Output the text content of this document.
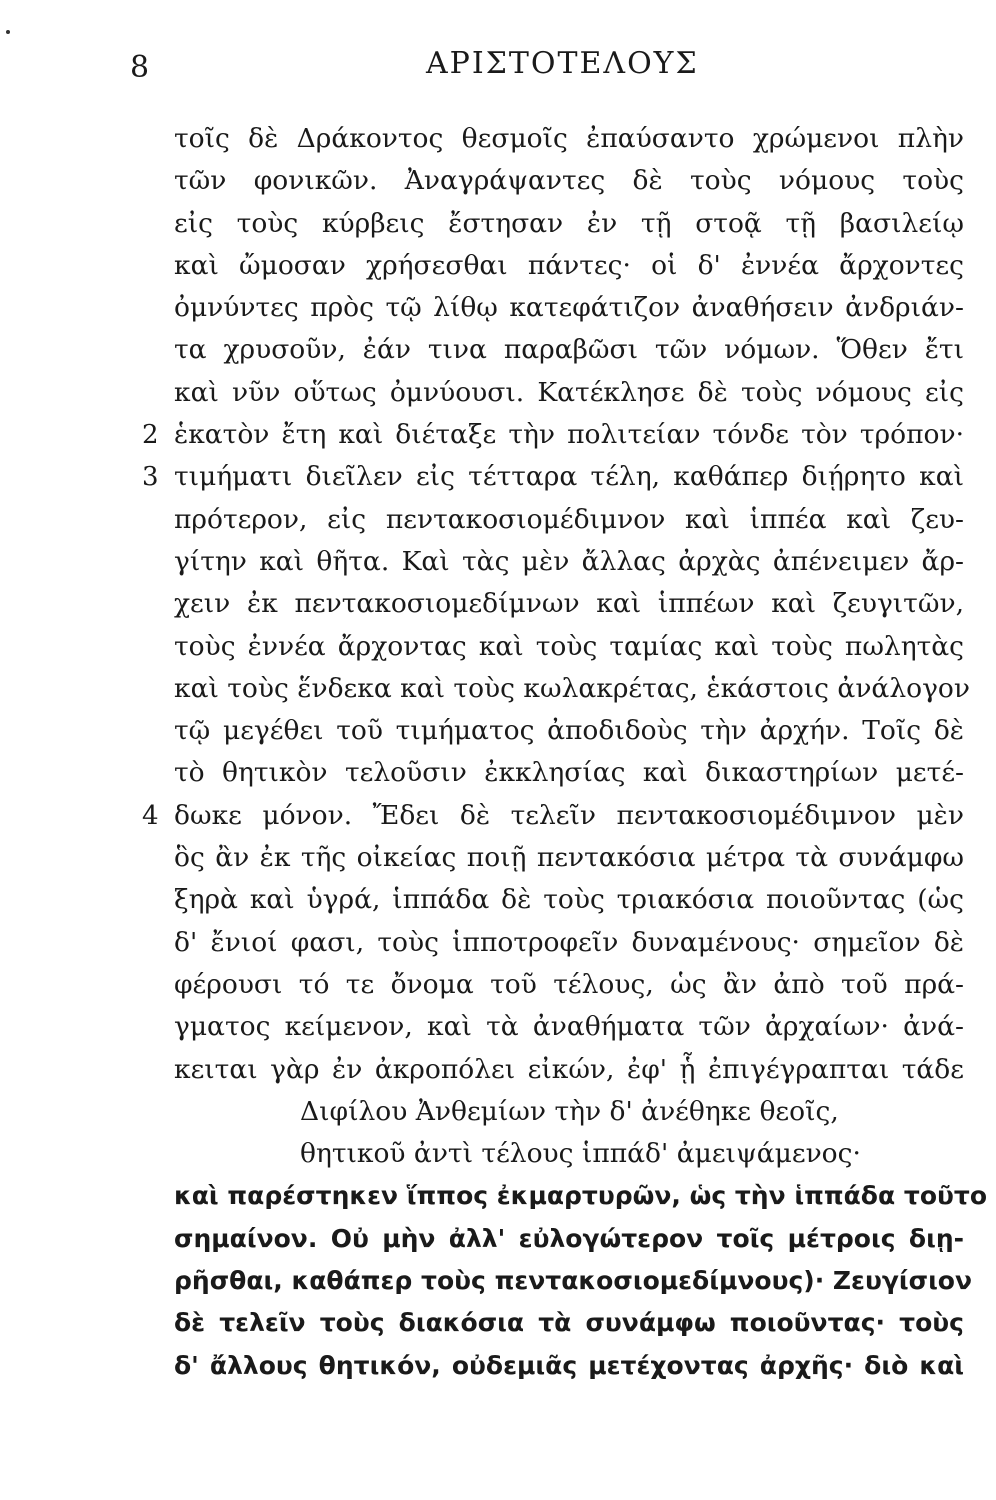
8	ΑΡΙΣΤΟΤΕΛΟΥΣ
τοῖς δὲ Δράκοντος θεσμοῖς ἐπαύσαντο χρώμενοι πλὴν
τῶν φονικῶν. Ἀναγράψαντες δὲ τοὺς νόμους τοὺς
εἰς τοὺς κύρβεις ἔστησαν ἐν τῇ στοᾷ τῇ βασιλείῳ
καὶ ὤμοσαν χρήσεσθαι πάντες· οἱ δ' ἐννέα ἄρχοντες
ὀμνύντες πρὸς τῷ λίθῳ κατεφάτιζον ἀναθήσειν ἀνδριάν-
τα χρυσοῦν, ἐάν τινα παραβῶσι τῶν νόμων. Ὅθεν ἔτι
καὶ νῦν οὕτως ὀμνύουσι. Κατέκλησε δὲ τοὺς νόμους εἰς
2 ἑκατὸν ἔτη καὶ διέταξε τὴν πολιτείαν τόνδε τὸν τρόπον·
3 τιμήματι διεῖλεν εἰς τέτταρα τέλη, καθάπερ διῄρητο καὶ
πρότερον, εἰς πεντακοσιομέδιμνον καὶ ἱππέα καὶ ζευ-
γίτην καὶ θῆτα. Καὶ τὰς μὲν ἄλλας ἀρχὰς ἀπένειμεν ἄρ-
χειν ἐκ πεντακοσιομεδίμνων καὶ ἱππέων καὶ ζευγιτῶν,
τοὺς ἐννέα ἄρχοντας καὶ τοὺς ταμίας καὶ τοὺς πωλητὰς
καὶ τοὺς ἕνδεκα καὶ τοὺς κωλακρέτας, ἑκάστοις ἀνάλογον
τῷ μεγέθει τοῦ τιμήματος ἀποδιδοὺς τὴν ἀρχήν. Τοῖς δὲ
τὸ θητικὸν τελοῦσιν ἐκκλησίας καὶ δικαστηρίων μετέ-
4 δωκε μόνον. Ἔδει δὲ τελεῖν πεντακοσιομέδιμνον μὲν
ὃς ἂν ἐκ τῆς οἰκείας ποιῇ πεντακόσια μέτρα τὰ συνάμφω
ξηρὰ καὶ ὑγρά, ἱππάδα δὲ τοὺς τριακόσια ποιοῦντας (ὡς
δ' ἔνιοί φασι, τοὺς ἱπποτροφεῖν δυναμένους· σημεῖον δὲ
φέρουσι τό τε ὄνομα τοῦ τέλους, ὡς ἂν ἀπὸ τοῦ πρά-
γματος κείμενον, καὶ τὰ ἀναθήματα τῶν ἀρχαίων· ἀνά-
κειται γὰρ ἐν ἀκροπόλει εἰκών, ἐφ' ᾗ ἐπιγέγραπται τάδε
Διφίλου Ἀνθεμίων τὴν δ' ἀνέθηκε θεοῖς,
θητικοῦ ἀντὶ τέλους ἱππάδ' ἀμειψάμενος·
καὶ παρέστηκεν ἵππος ἐκμαρτυρῶν, ὡς τὴν ἱππάδα τοῦτο
σημαίνον. Οὐ μὴν ἀλλ' εὐλογώτερον τοῖς μέτροις διῃ-
ρῆσθαι, καθάπερ τοὺς πεντακοσιομεδίμνους)· Ζευγίσιον
δὲ τελεῖν τοὺς διακόσια τὰ συνάμφω ποιοῦντας· τοὺς
δ' ἄλλους θητικόν, οὐδεμιᾶς μετέχοντας ἀρχῆς· διὸ καὶ
